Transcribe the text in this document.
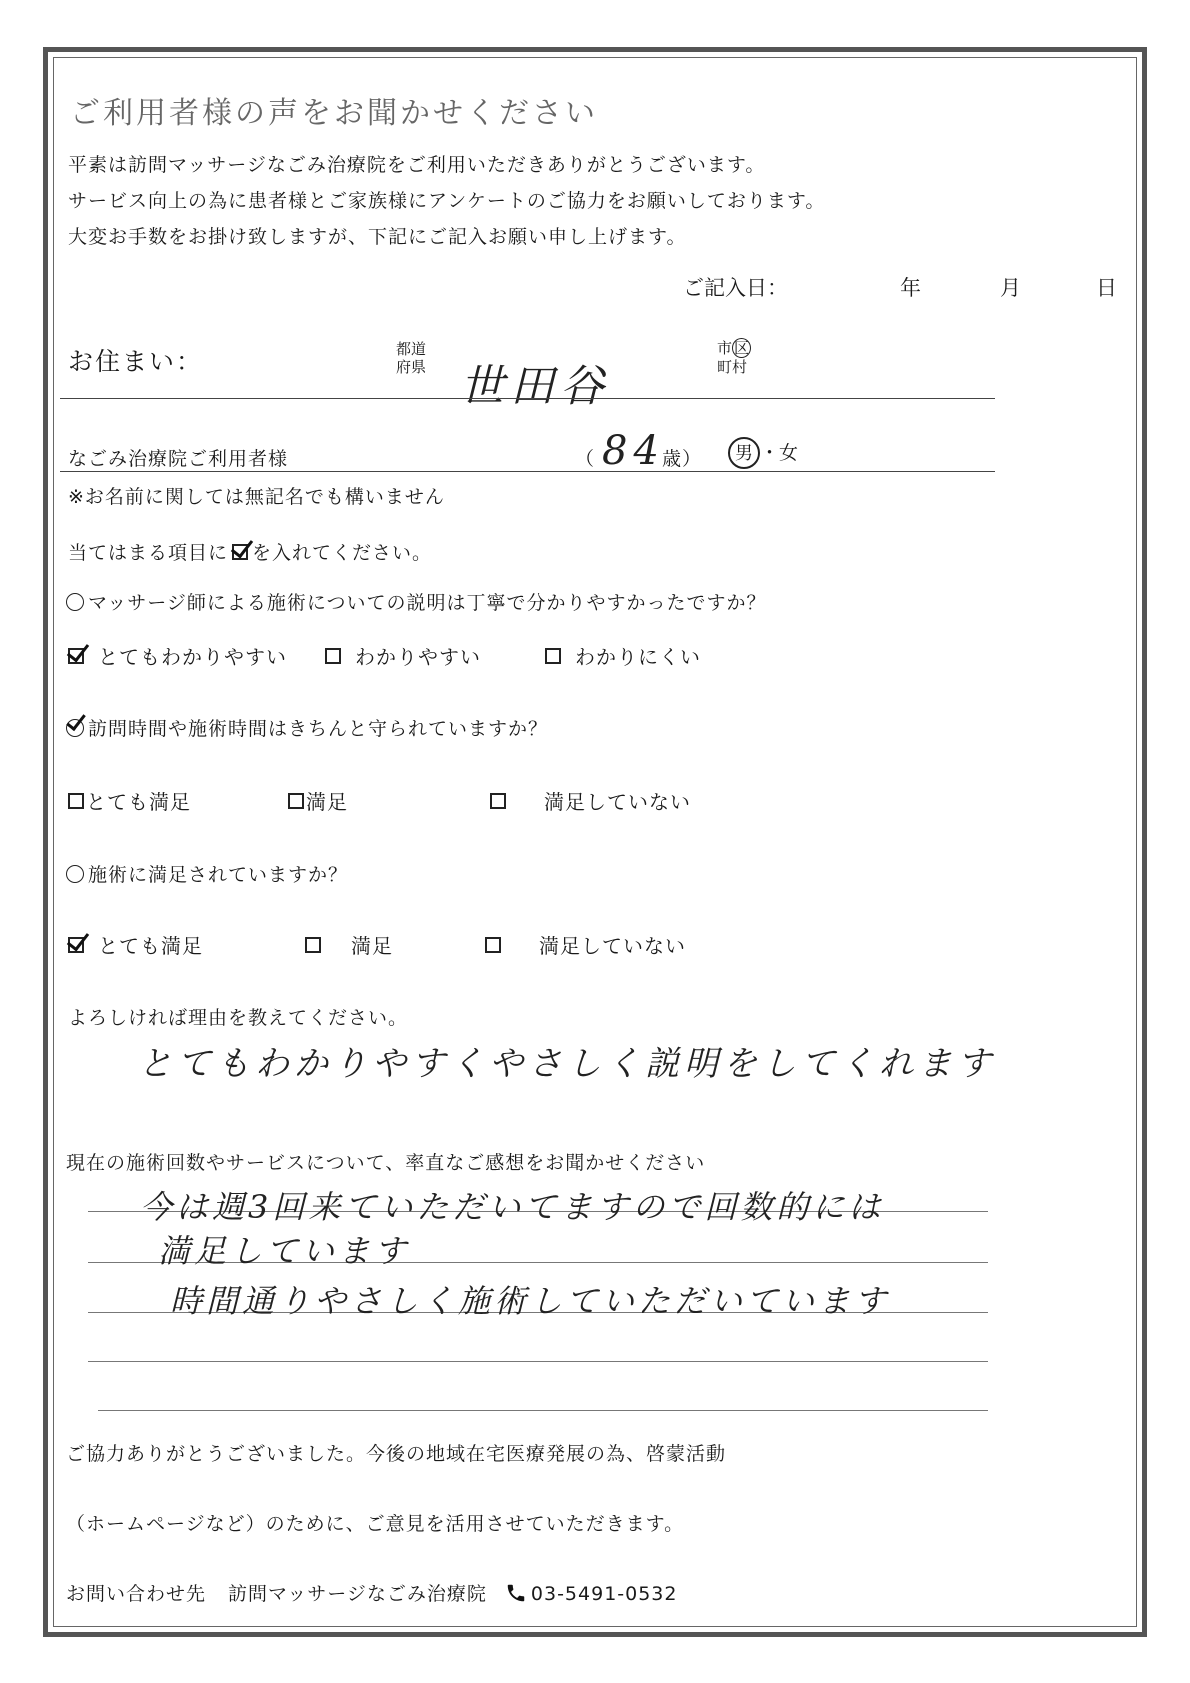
ご利用者様の声をお聞かせください
平素は訪問マッサージなごみ治療院をご利用いただきありがとうございます。
サービス向上の為に患者様とご家族様にアンケートのご協力をお願いしております。
大変お手数をお掛け致しますが、下記にご記入お願い申し上げます。
ご記入日：	年	月	日
お住まい：	都道府県 世田谷
市 区
町村
なごみ治療院ご利用者様	（ 84
歳）	男 ・女
※お名前に関しては無記名でも構いません
当てはまる項目に を入れてください。
マッサージ師による施術についての説明は丁寧で分かりやすかったですか？
とてもわかりやすい	わかりやすい	わかりにくい
訪問時間や施術時間はきちんと守られていますか？
とても満足	満足	満足していない
施術に満足されていますか？
とても満足	満足	満足していない
よろしければ理由を教えてください。
とてもわかりやすくやさしく説明をしてくれます
現在の施術回数やサービスについて、率直なご感想をお聞かせください
今は週3回来ていただいてますので回数的には
満足しています
時間通りやさしく施術していただいています
ご協力ありがとうございました。今後の地域在宅医療発展の為、啓蒙活動
（ホームページなど）のために、ご意見を活用させていただきます。
お問い合わせ先 訪問マッサージなごみ治療院 03-5491-0532
